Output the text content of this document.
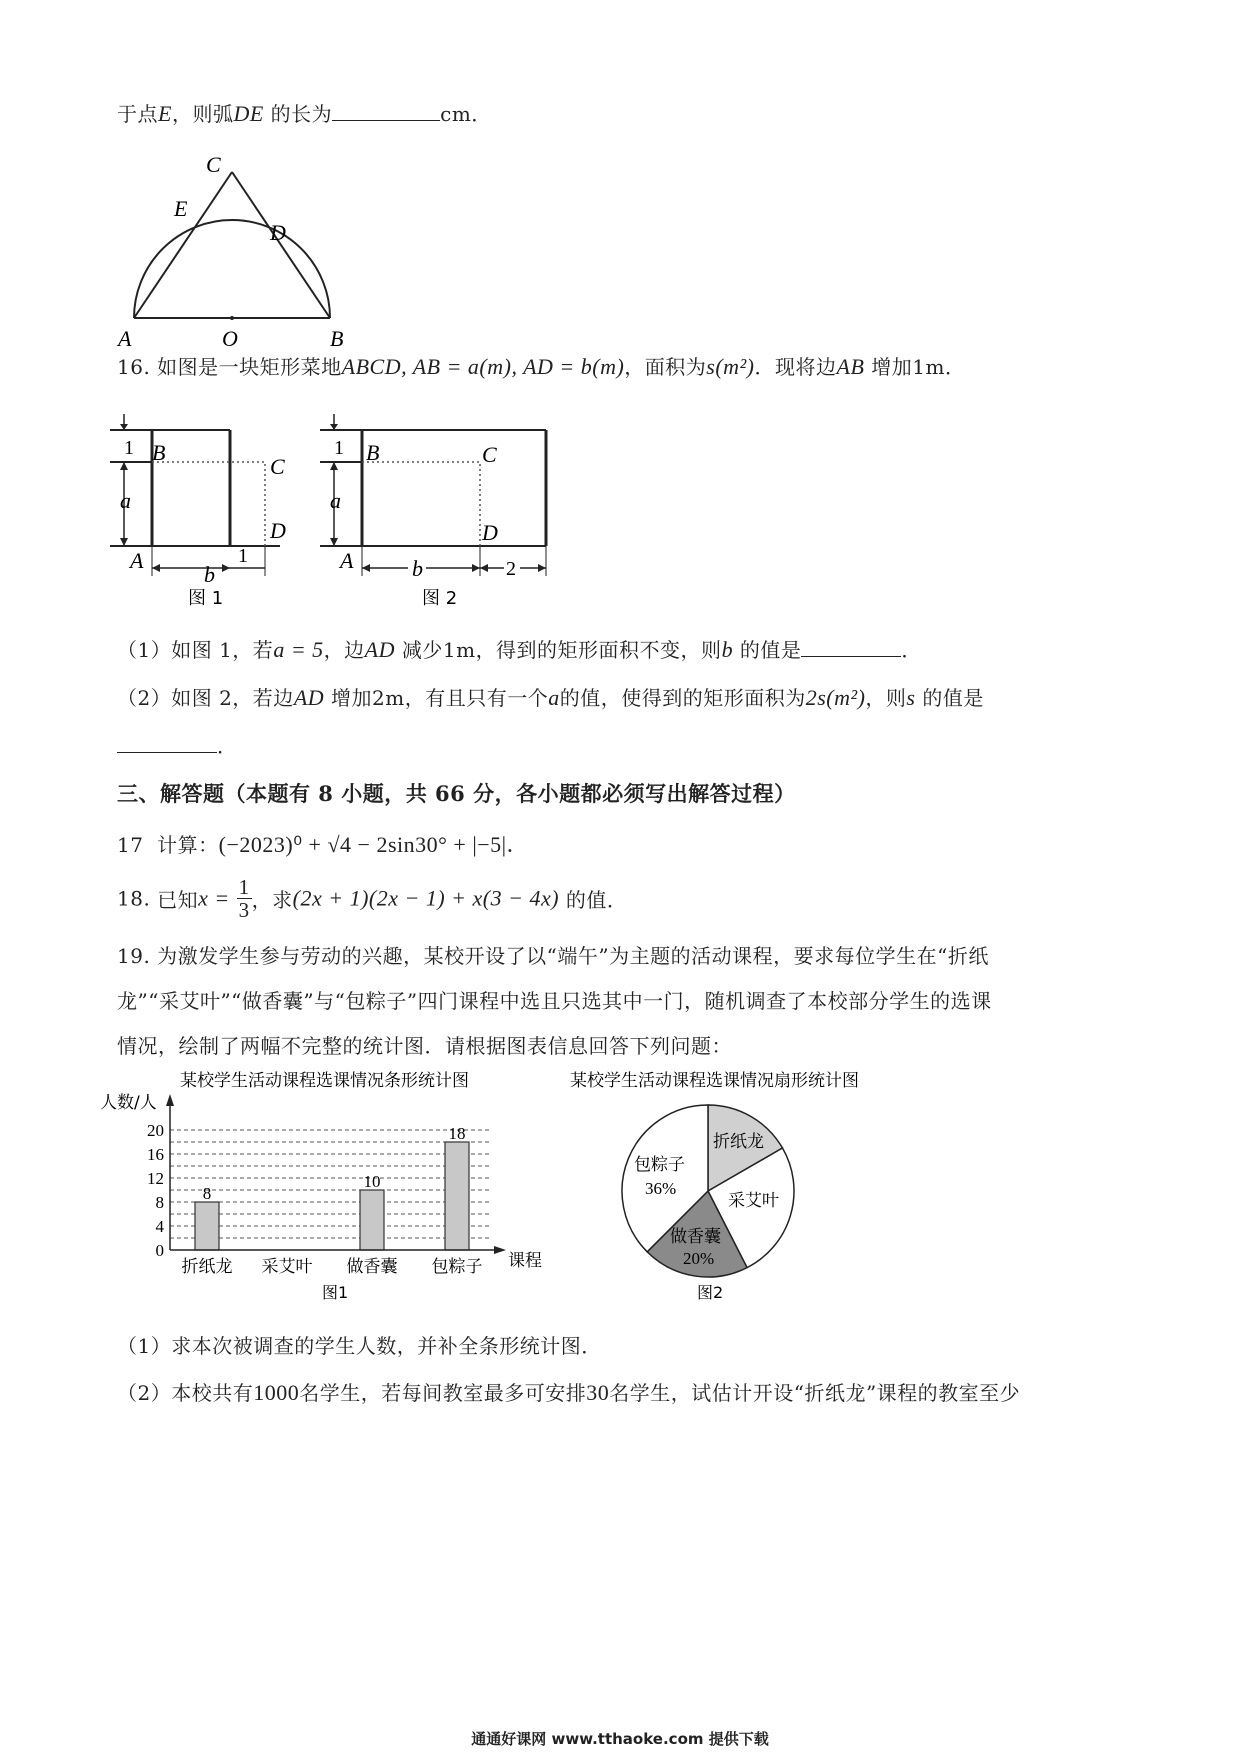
于点E，则弧DE 的长为	cm．
A	O	B
C
E
D
16. 如图是一块矩形菜地ABCD, AB = a(m), AD = b(m)，面积为s(m²)．现将边AB 增加1m．
1
a
b
1
B
C
D
A
图 1
1
a
b	2
B	C
D
A
图 2
（1）如图 1，若a = 5，边AD 减少1m，得到的矩形面积不变，则b 的值是	．
（2）如图 2，若边AD 增加2m，有且只有一个a的值，使得到的矩形面积为2s(m²)，则s 的值是
．
三、解答题（本题有 8 小题，共 66 分，各小题都必须写出解答过程）
17 计算：(−2023)⁰ + √4 − 2sin30° + |−5|．
18. 已知$x = \frac{1}{3}$ ，求(2x + 1)(2x − 1) + x(3 − 4x) 的值．
19. 为激发学生参与劳动的兴趣，某校开设了以“端午”为主题的活动课程，要求每位学生在“折纸
龙”“采艾叶”“做香囊”与“包粽子”四门课程中选且只选其中一门，随机调查了本校部分学生的选课
情况，绘制了两幅不完整的统计图．请根据图表信息回答下列问题：
某校学生活动课程选课情况条形统计图
人数/人
课程
图1
0
4
8
12
16
20
折纸龙
8
采艾叶 做香囊
10
包粽子
18
某校学生活动课程选课情况扇形统计图
折纸龙
采艾叶
做香囊
20%
包粽子
36%
图2
（1）求本次被调查的学生人数，并补全条形统计图．
（2）本校共有1000名学生，若每间教室最多可安排30名学生，试估计开设“折纸龙”课程的教室至少
通通好课网 www.tthaoke.com 提供下载
